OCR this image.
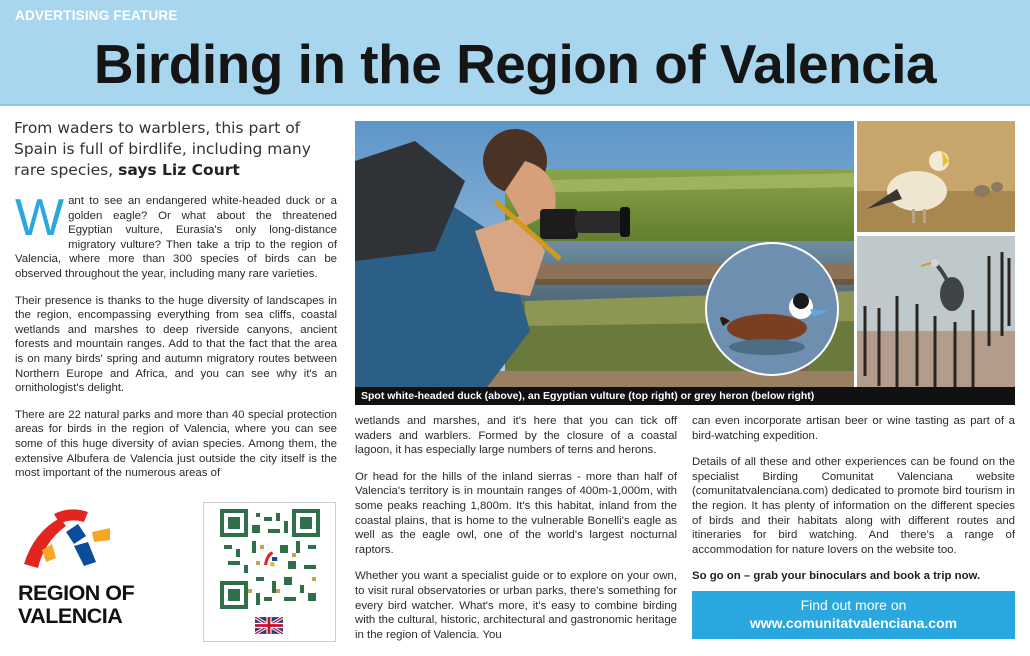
ADVERTISING FEATURE
Birding in the Region of Valencia
From waders to warblers, this part of Spain is full of birdlife, including many rare species, says Liz Court

Want to see an endangered white-headed duck or a golden eagle? Or what about the threatened Egyptian vulture, Eurasia's only long-distance migratory vulture? Then take a trip to the region of Valencia, where more than 300 species of birds can be observed throughout the year, including many rare varieties.

Their presence is thanks to the huge diversity of landscapes in the region, encompassing everything from sea cliffs, coastal wetlands and marshes to deep riverside canyons, ancient forests and mountain ranges. Add to that the fact that the area is on many birds' spring and autumn migratory routes between Northern Europe and Africa, and you can see why it's an ornithologist's delight.

There are 22 natural parks and more than 40 special protection areas for birds in the region of Valencia, where you can see some of this huge diversity of avian species. Among them, the extensive Albufera de Valencia just outside the city itself is the most important of the numerous areas of

Spot white-headed duck (above), an Egyptian vulture (top right) or grey heron (below right)

wetlands and marshes, and it's here that you can tick off waders and warblers. Formed by the closure of a coastal lagoon, it has especially large numbers of terns and herons.

Or head for the hills of the inland sierras - more than half of Valencia's territory is in mountain ranges of 400m-1,000m, with some peaks reaching 1,800m. It's this habitat, inland from the coastal plains, that is home to the vulnerable Bonelli's eagle as well as the eagle owl, one of the world's largest nocturnal raptors.

Whether you want a specialist guide or to explore on your own, to visit rural observatories or urban parks, there's something for every bird watcher. What's more, it's easy to combine birding with the cultural, historic, architectural and gastronomic heritage in the region of Valencia. You

can even incorporate artisan beer or wine tasting as part of a bird-watching expedition.

Details of all these and other experiences can be found on the specialist Birding Comunitat Valenciana website (comunitatvalenciana.com) dedicated to promote bird tourism in the region. It has plenty of information on the different species of birds and their habitats along with different routes and itineraries for bird watching. And there's a range of accommodation for nature lovers on the website too.

So go on – grab your binoculars and book a trip now.

Find out more on
www.comunitatvalenciana.com
REGION OF
VALENCIA
